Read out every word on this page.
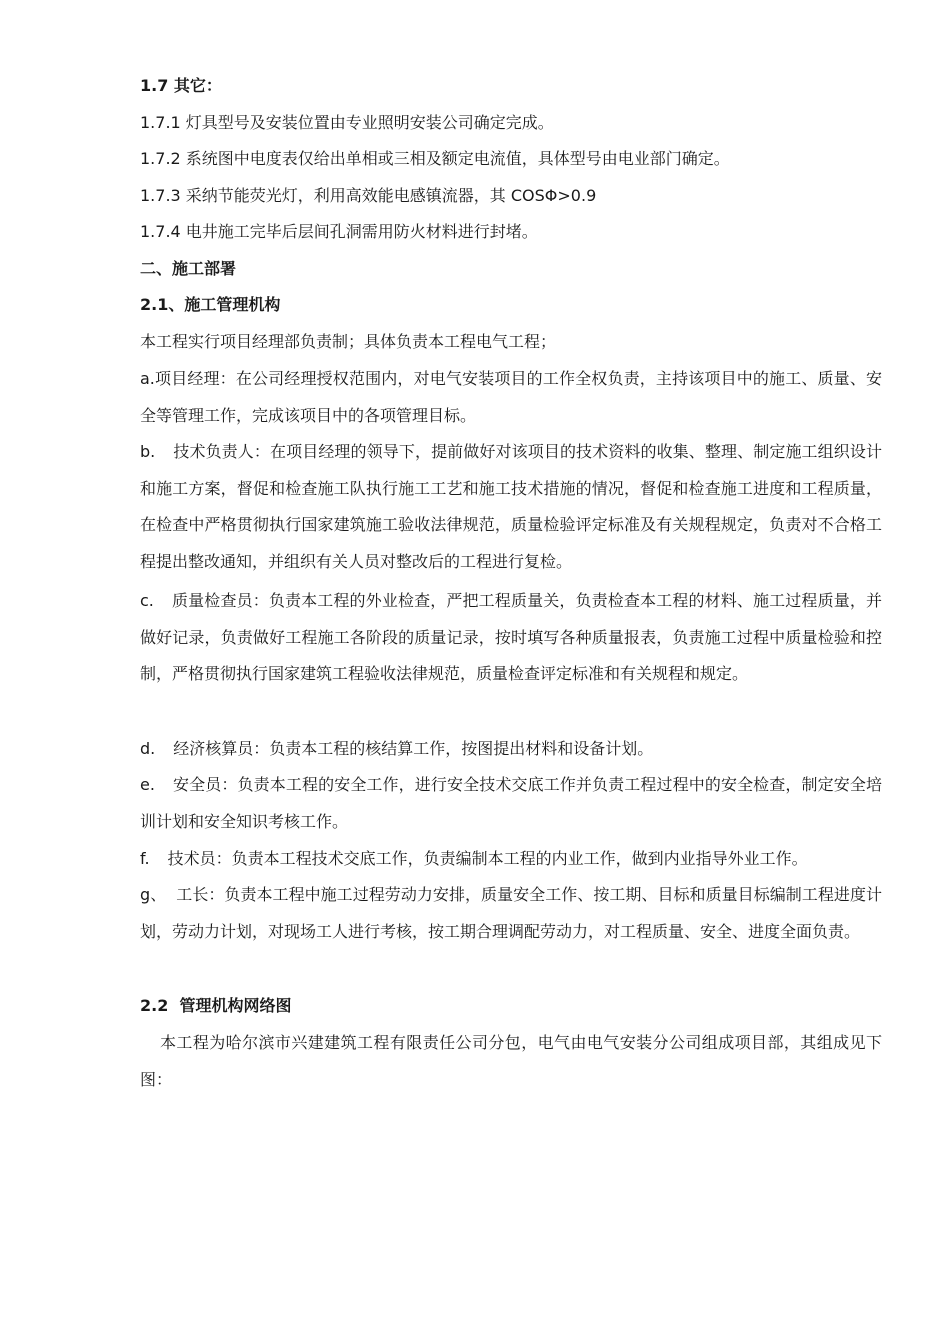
1.7 其它：
1.7.1 灯具型号及安装位置由专业照明安装公司确定完成。
1.7.2 系统图中电度表仅给出单相或三相及额定电流值，具体型号由电业部门确定。
1.7.3 采纳节能荧光灯，利用高效能电感镇流器，其 COSΦ>0.9
1.7.4 电井施工完毕后层间孔洞需用防火材料进行封堵。
二、施工部署
2.1、施工管理机构
本工程实行项目经理部负责制；具体负责本工程电气工程；
a.项目经理：在公司经理授权范围内，对电气安装项目的工作全权负责，主持该项目中的施工、质量、安全等管理工作，完成该项目中的各项管理目标。
b. 技术负责人：在项目经理的领导下，提前做好对该项目的技术资料的收集、整理、制定施工组织设计和施工方案，督促和检查施工队执行施工工艺和施工技术措施的情况，督促和检查施工进度和工程质量，在检查中严格贯彻执行国家建筑施工验收法律规范，质量检验评定标准及有关规程规定，负责对不合格工程提出整改通知，并组织有关人员对整改后的工程进行复检。
c. 质量检查员：负责本工程的外业检查，严把工程质量关，负责检查本工程的材料、施工过程质量，并做好记录，负责做好工程施工各阶段的质量记录，按时填写各种质量报表，负责施工过程中质量检验和控制，严格贯彻执行国家建筑工程验收法律规范，质量检查评定标准和有关规程和规定。
d. 经济核算员：负责本工程的核结算工作，按图提出材料和设备计划。
e. 安全员：负责本工程的安全工作，进行安全技术交底工作并负责工程过程中的安全检查，制定安全培训计划和安全知识考核工作。
f. 技术员：负责本工程技术交底工作，负责编制本工程的内业工作，做到内业指导外业工作。
g、 工长：负责本工程中施工过程劳动力安排，质量安全工作、按工期、目标和质量目标编制工程进度计划，劳动力计划，对现场工人进行考核，按工期合理调配劳动力，对工程质量、安全、进度全面负责。
2.2  管理机构网络图
本工程为哈尔滨市兴建建筑工程有限责任公司分包，电气由电气安装分公司组成项目部，其组成见下图：
